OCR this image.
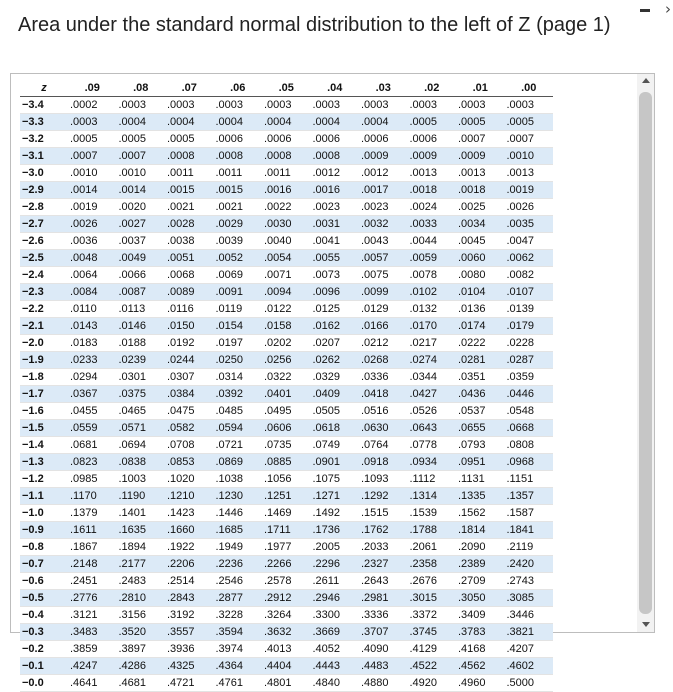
Area under the standard normal distribution to the left of Z (page 1)
›
z	.09	.08	.07	.06	.05	.04	.03	.02	.01	.00
−3.4	.0002	.0003	.0003	.0003	.0003	.0003	.0003	.0003	.0003	.0003
−3.3	.0003	.0004	.0004	.0004	.0004	.0004	.0004	.0005	.0005	.0005
−3.2	.0005	.0005	.0005	.0006	.0006	.0006	.0006	.0006	.0007	.0007
−3.1	.0007	.0007	.0008	.0008	.0008	.0008	.0009	.0009	.0009	.0010
−3.0	.0010	.0010	.0011	.0011	.0011	.0012	.0012	.0013	.0013	.0013
−2.9	.0014	.0014	.0015	.0015	.0016	.0016	.0017	.0018	.0018	.0019
−2.8	.0019	.0020	.0021	.0021	.0022	.0023	.0023	.0024	.0025	.0026
−2.7	.0026	.0027	.0028	.0029	.0030	.0031	.0032	.0033	.0034	.0035
−2.6	.0036	.0037	.0038	.0039	.0040	.0041	.0043	.0044	.0045	.0047
−2.5	.0048	.0049	.0051	.0052	.0054	.0055	.0057	.0059	.0060	.0062
−2.4	.0064	.0066	.0068	.0069	.0071	.0073	.0075	.0078	.0080	.0082
−2.3	.0084	.0087	.0089	.0091	.0094	.0096	.0099	.0102	.0104	.0107
−2.2	.0110	.0113	.0116	.0119	.0122	.0125	.0129	.0132	.0136	.0139
−2.1	.0143	.0146	.0150	.0154	.0158	.0162	.0166	.0170	.0174	.0179
−2.0	.0183	.0188	.0192	.0197	.0202	.0207	.0212	.0217	.0222	.0228
−1.9	.0233	.0239	.0244	.0250	.0256	.0262	.0268	.0274	.0281	.0287
−1.8	.0294	.0301	.0307	.0314	.0322	.0329	.0336	.0344	.0351	.0359
−1.7	.0367	.0375	.0384	.0392	.0401	.0409	.0418	.0427	.0436	.0446
−1.6	.0455	.0465	.0475	.0485	.0495	.0505	.0516	.0526	.0537	.0548
−1.5	.0559	.0571	.0582	.0594	.0606	.0618	.0630	.0643	.0655	.0668
−1.4	.0681	.0694	.0708	.0721	.0735	.0749	.0764	.0778	.0793	.0808
−1.3	.0823	.0838	.0853	.0869	.0885	.0901	.0918	.0934	.0951	.0968
−1.2	.0985	.1003	.1020	.1038	.1056	.1075	.1093	.1112	.1131	.1151
−1.1	.1170	.1190	.1210	.1230	.1251	.1271	.1292	.1314	.1335	.1357
−1.0	.1379	.1401	.1423	.1446	.1469	.1492	.1515	.1539	.1562	.1587
−0.9	.1611	.1635	.1660	.1685	.1711	.1736	.1762	.1788	.1814	.1841
−0.8	.1867	.1894	.1922	.1949	.1977	.2005	.2033	.2061	.2090	.2119
−0.7	.2148	.2177	.2206	.2236	.2266	.2296	.2327	.2358	.2389	.2420
−0.6	.2451	.2483	.2514	.2546	.2578	.2611	.2643	.2676	.2709	.2743
−0.5	.2776	.2810	.2843	.2877	.2912	.2946	.2981	.3015	.3050	.3085
−0.4	.3121	.3156	.3192	.3228	.3264	.3300	.3336	.3372	.3409	.3446
−0.3	.3483	.3520	.3557	.3594	.3632	.3669	.3707	.3745	.3783	.3821
−0.2	.3859	.3897	.3936	.3974	.4013	.4052	.4090	.4129	.4168	.4207
−0.1	.4247	.4286	.4325	.4364	.4404	.4443	.4483	.4522	.4562	.4602
−0.0	.4641	.4681	.4721	.4761	.4801	.4840	.4880	.4920	.4960	.5000
